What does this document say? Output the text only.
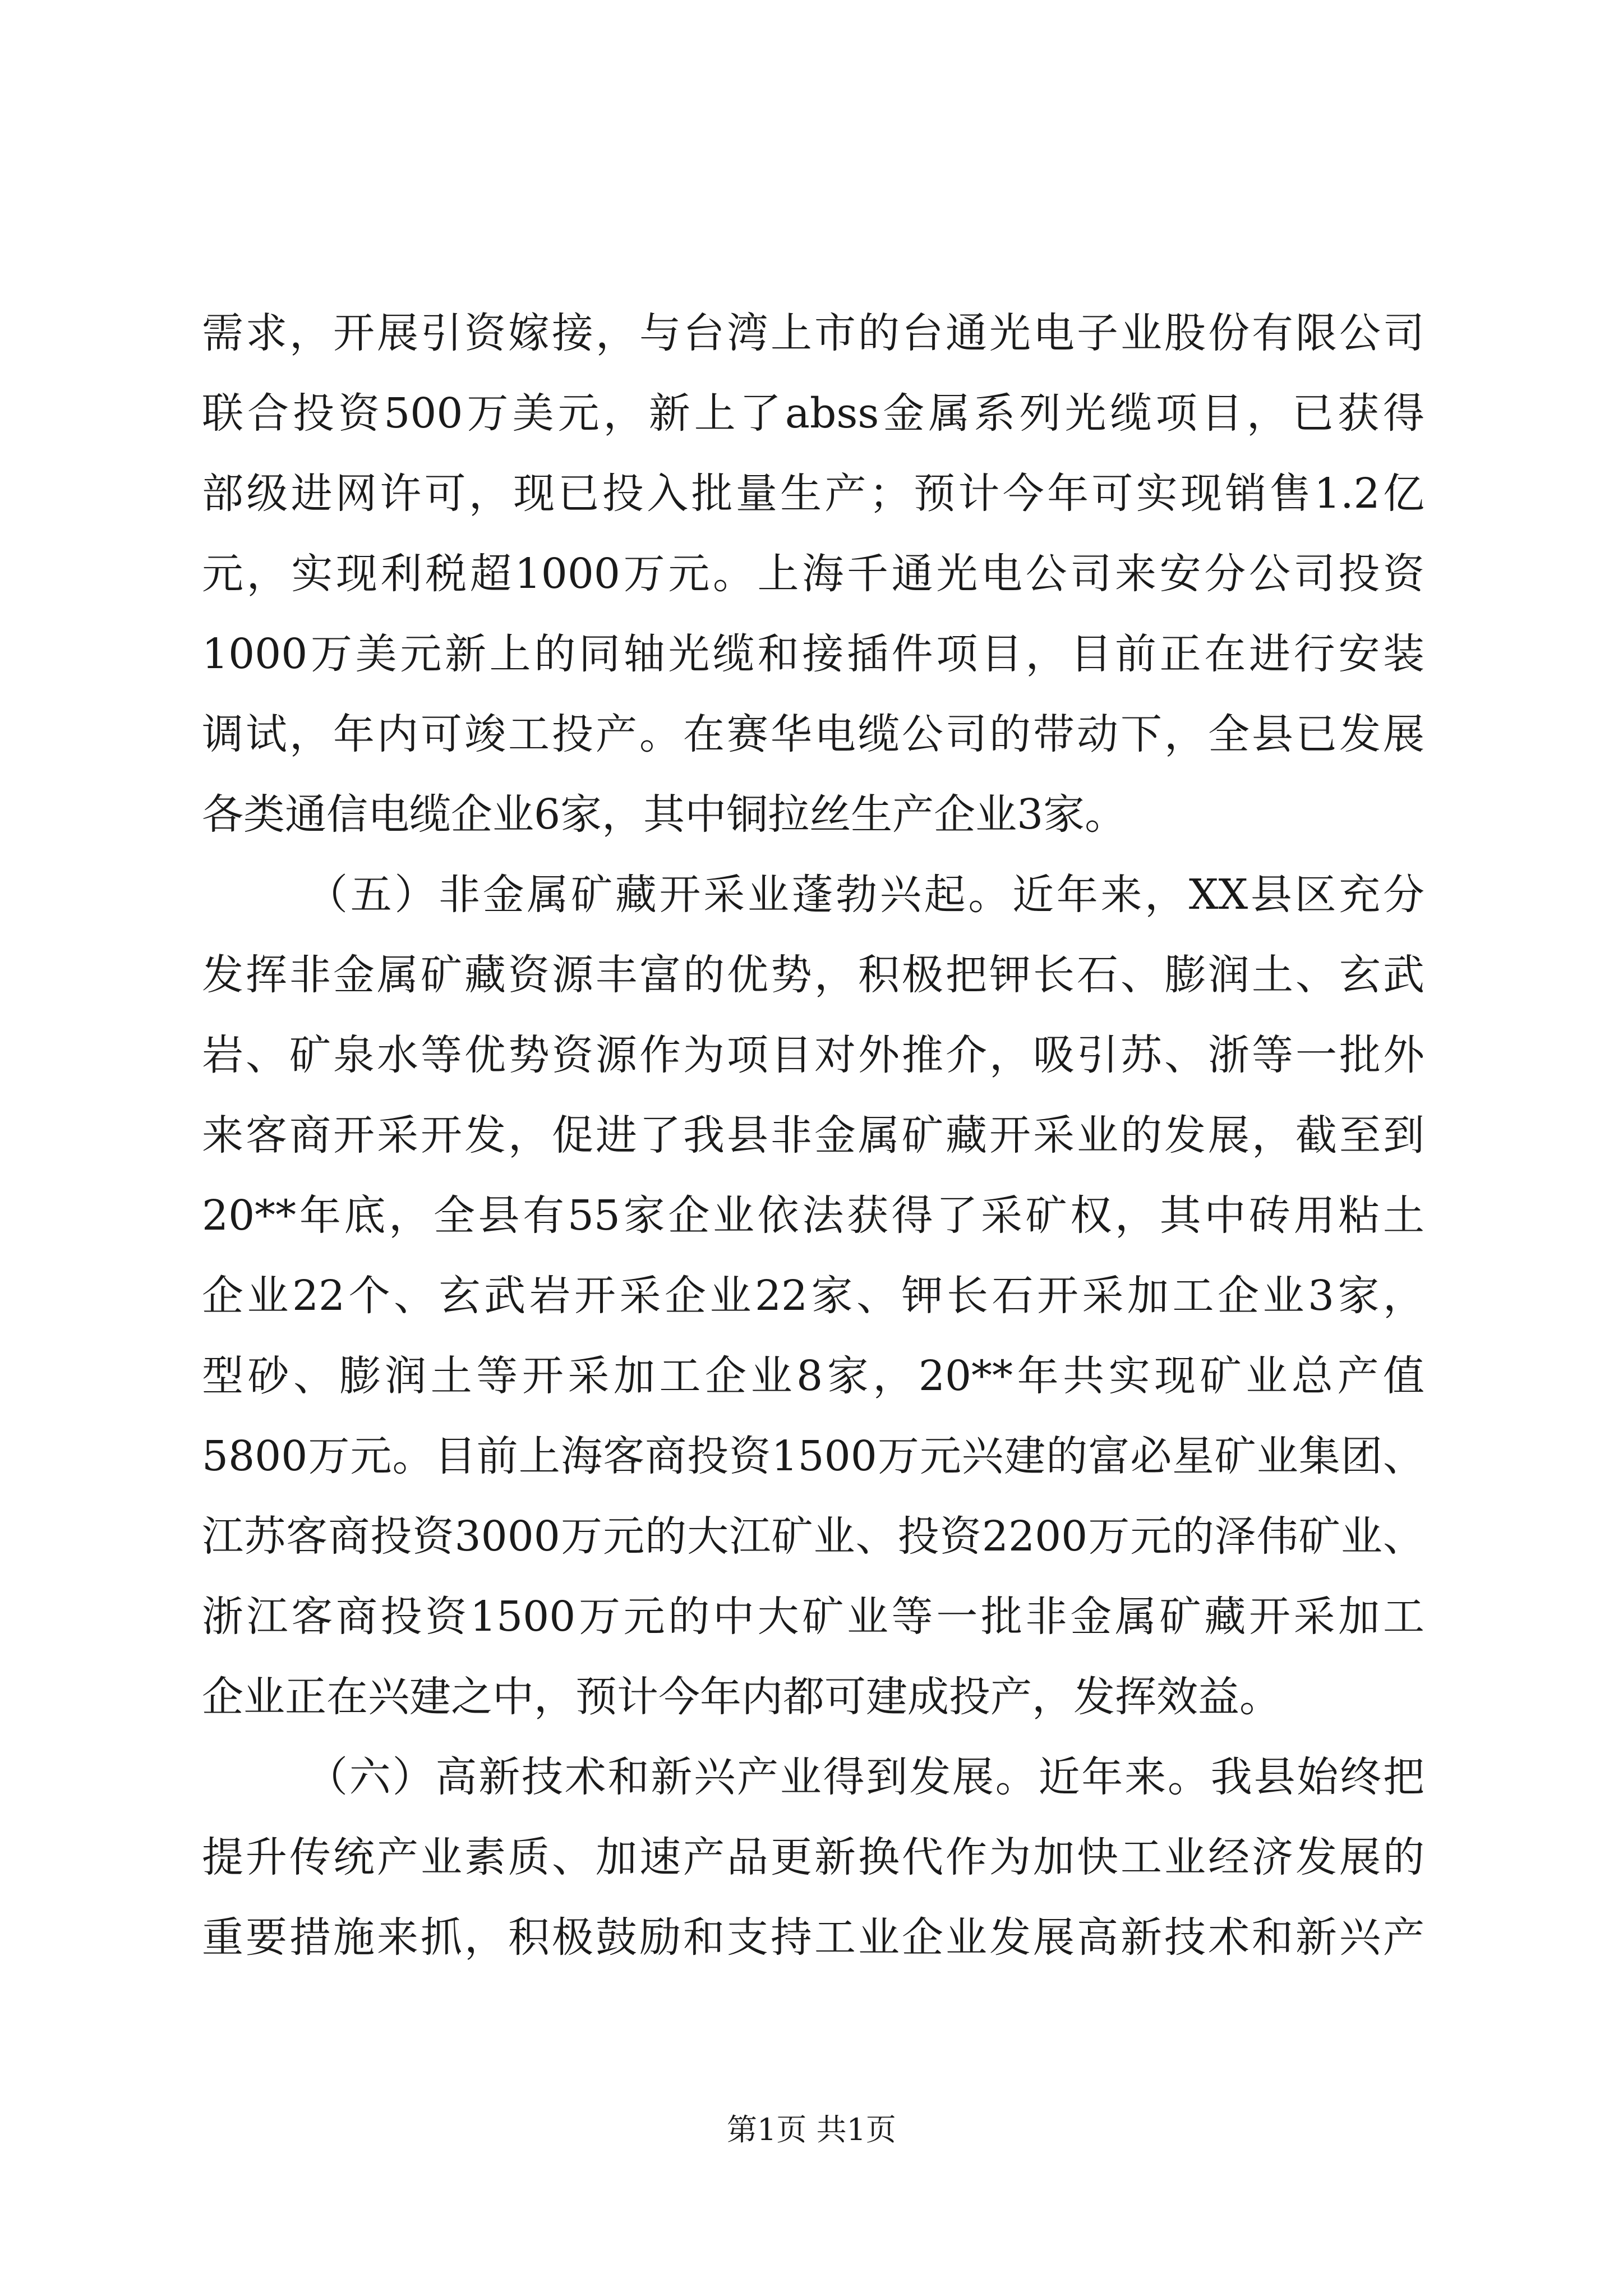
需求，开展引资嫁接，与台湾上市的台通光电子业股份有限公司
联合投资500万美元，新上了abss金属系列光缆项目，已获得
部级进网许可，现已投入批量生产；预计今年可实现销售1.2亿
元，实现利税超1000万元。上海千通光电公司来安分公司投资
1000万美元新上的同轴光缆和接插件项目，目前正在进行安装
调试，年内可竣工投产。在赛华电缆公司的带动下，全县已发展
各类通信电缆企业6家，其中铜拉丝生产企业3家。
（五）非金属矿藏开采业蓬勃兴起。近年来，XX县区充分
发挥非金属矿藏资源丰富的优势，积极把钾长石、膨润土、玄武
岩、矿泉水等优势资源作为项目对外推介，吸引苏、浙等一批外
来客商开采开发，促进了我县非金属矿藏开采业的发展，截至到
20**年底，全县有55家企业依法获得了采矿权，其中砖用粘土
企业22个、玄武岩开采企业22家、钾长石开采加工企业3家，
型砂、膨润土等开采加工企业8家，20**年共实现矿业总产值
5800万元。目前上海客商投资1500万元兴建的富必星矿业集团、
江苏客商投资3000万元的大江矿业、投资2200万元的泽伟矿业、
浙江客商投资1500万元的中大矿业等一批非金属矿藏开采加工
企业正在兴建之中，预计今年内都可建成投产，发挥效益。
（六）高新技术和新兴产业得到发展。近年来。我县始终把
提升传统产业素质、加速产品更新换代作为加快工业经济发展的
重要措施来抓，积极鼓励和支持工业企业发展高新技术和新兴产
第1页 共1页
